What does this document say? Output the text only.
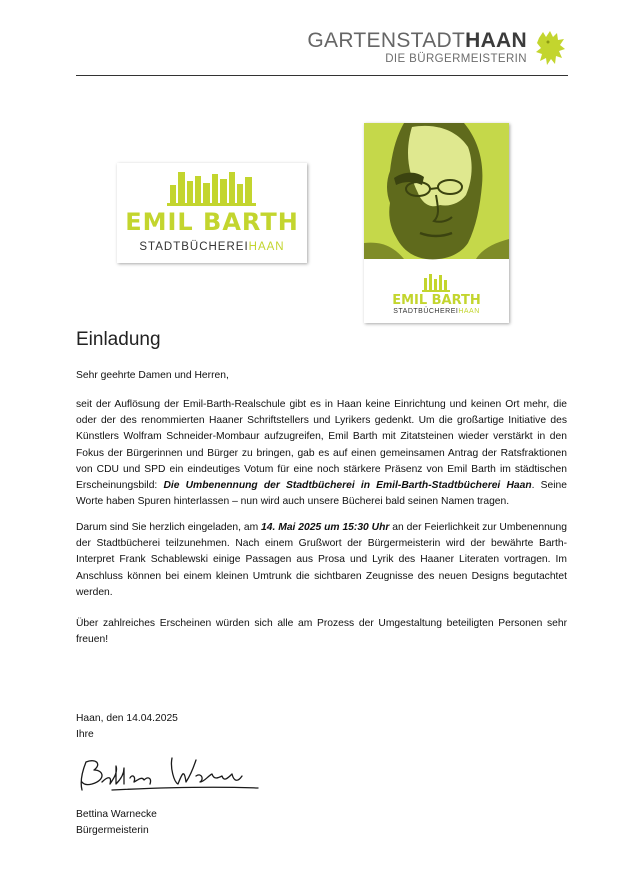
GARTENSTADTHAAN
DIE BÜRGERMEISTERIN
EMIL BARTH
STADTBÜCHEREIHAAN
EMIL BARTH
STADTBÜCHEREIHAAN
Einladung

Sehr geehrte Damen und Herren,

seit der Auflösung der Emil-Barth-Realschule gibt es in Haan keine Einrichtung und keinen Ort mehr, die oder der des renommierten Haaner Schriftstellers und Lyrikers gedenkt. Um die großartige Initiative des Künstlers Wolfram Schneider-Mombaur aufzugreifen, Emil Barth mit Zitatsteinen wieder verstärkt in den Fokus der Bürgerinnen und Bürger zu bringen, gab es auf einen gemeinsamen Antrag der Ratsfraktionen von CDU und SPD ein eindeutiges Votum für eine noch stärkere Präsenz von Emil Barth im städtischen Erscheinungsbild: Die Umbenennung der Stadtbücherei in Emil-Barth-Stadtbücherei Haan. Seine Worte haben Spuren hinterlassen – nun wird auch unsere Bücherei bald seinen Namen tragen.

Darum sind Sie herzlich eingeladen, am 14. Mai 2025 um 15:30 Uhr an der Feierlichkeit zur Umbenennung der Stadtbücherei teilzunehmen. Nach einem Grußwort der Bürgermeisterin wird der bewährte Barth-Interpret Frank Schablewski einige Passagen aus Prosa und Lyrik des Haaner Literaten vortragen. Im Anschluss können bei einem kleinen Umtrunk die sichtbaren Zeugnisse des neuen Designs begutachtet werden.

Über zahlreiches Erscheinen würden sich alle am Prozess der Umgestaltung beteiligten Personen sehr freuen!

Haan, den 14.04.2025

Ihre

Bettina Warnecke

Bürgermeisterin
